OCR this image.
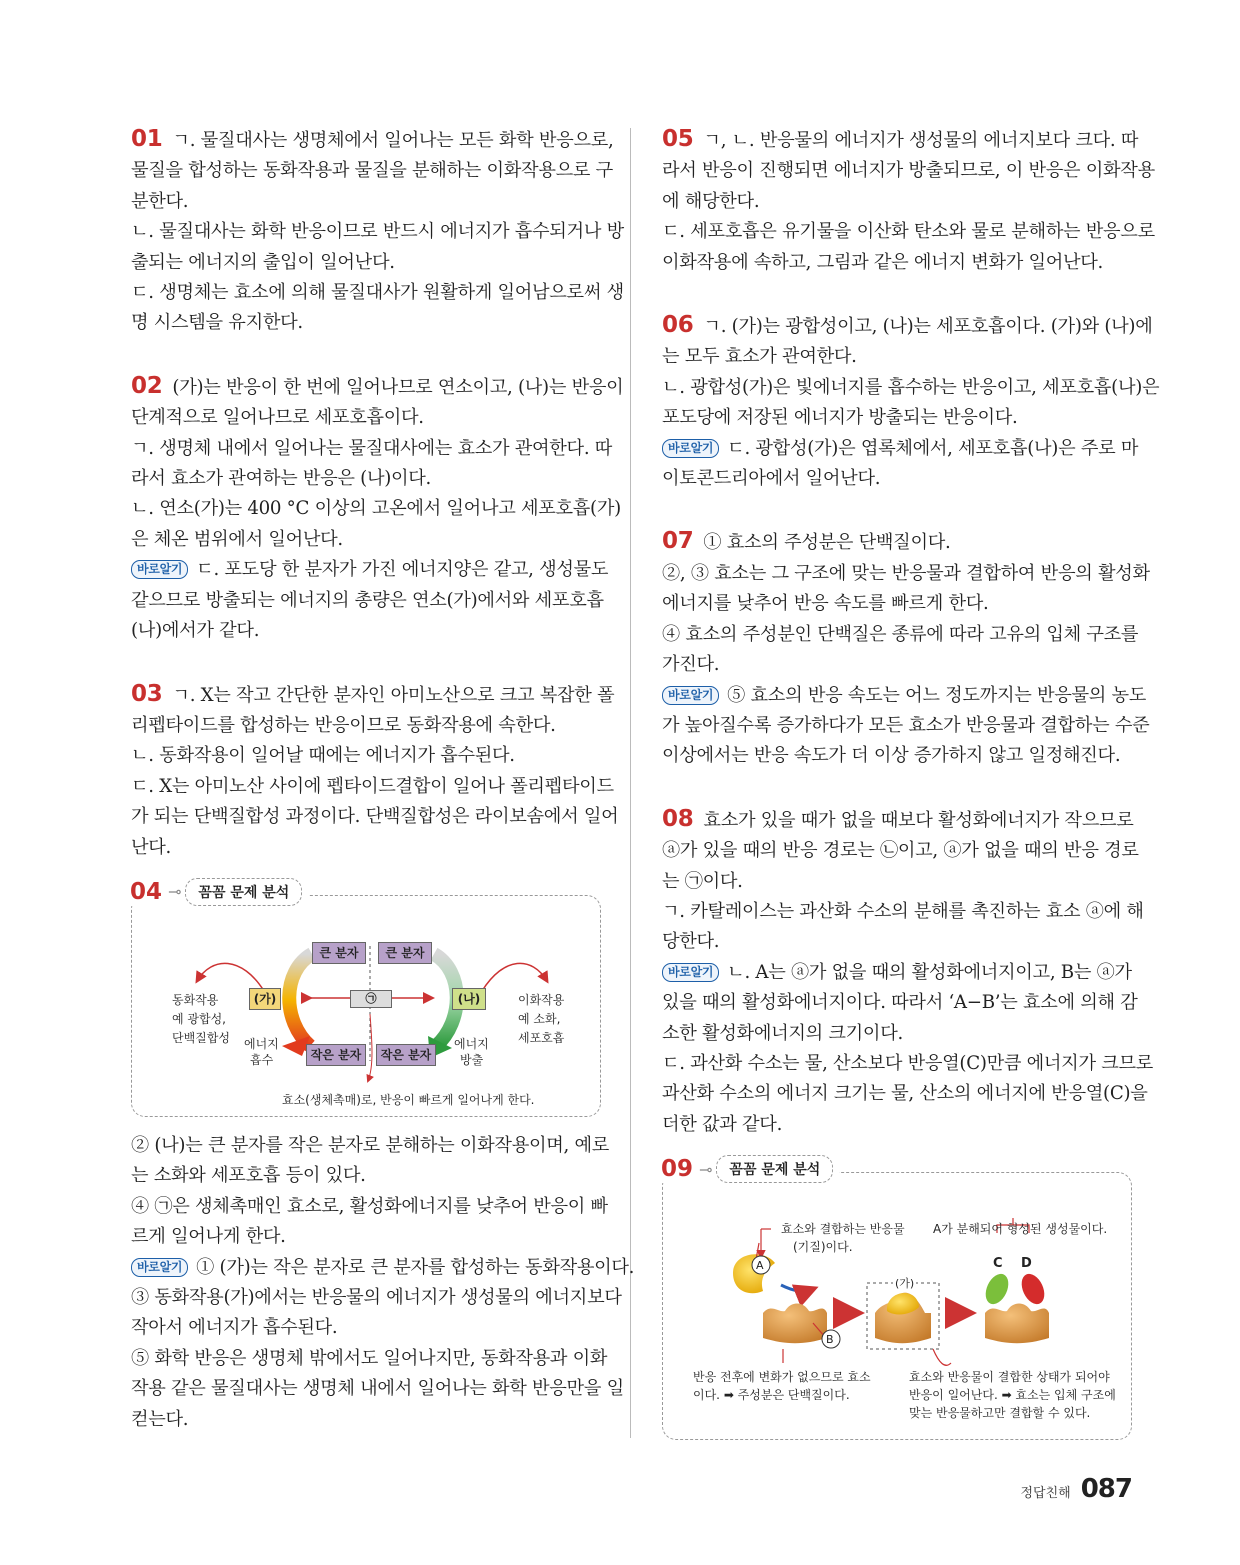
01 ㄱ. 물질대사는 생명체에서 일어나는 모든 화학 반응으로,
물질을 합성하는 동화작용과 물질을 분해하는 이화작용으로 구
분한다.
ㄴ. 물질대사는 화학 반응이므로 반드시 에너지가 흡수되거나 방
출되는 에너지의 출입이 일어난다.
ㄷ. 생명체는 효소에 의해 물질대사가 원활하게 일어남으로써 생
명 시스템을 유지한다.
02 (가)는 반응이 한 번에 일어나므로 연소이고, (나)는 반응이
단계적으로 일어나므로 세포호흡이다.
ㄱ. 생명체 내에서 일어나는 물질대사에는 효소가 관여한다. 따
라서 효소가 관여하는 반응은 (나)이다.
ㄴ. 연소(가)는 400 °C 이상의 고온에서 일어나고 세포호흡(가)
은 체온 범위에서 일어난다.
바로알기 ㄷ. 포도당 한 분자가 가진 에너지양은 같고, 생성물도
같으므로 방출되는 에너지의 총량은 연소(가)에서와 세포호흡
(나)에서가 같다.
03 ㄱ. X는 작고 간단한 분자인 아미노산으로 크고 복잡한 폴
리펩타이드를 합성하는 반응이므로 동화작용에 속한다.
ㄴ. 동화작용이 일어날 때에는 에너지가 흡수된다.
ㄷ. X는 아미노산 사이에 펩타이드결합이 일어나 폴리펩타이드
가 되는 단백질합성 과정이다. 단백질합성은 라이보솜에서 일어
난다.
04 ⊸	꼼꼼 문제 분석
큰 분자	큰 분자
작은 분자	작은 분자
(가)	(나)
㉠
동화작용
예 광합성,
단백질합성 에너지
흡수
이화작용
예 소화,
세포호흡
에너지
방출
효소(생체촉매)로, 반응이 빠르게 일어나게 한다.
② (나)는 큰 분자를 작은 분자로 분해하는 이화작용이며, 예로
는 소화와 세포호흡 등이 있다.
④ ㉠은 생체촉매인 효소로, 활성화에너지를 낮추어 반응이 빠
르게 일어나게 한다.
바로알기 ① (가)는 작은 분자로 큰 분자를 합성하는 동화작용이다.
③ 동화작용(가)에서는 반응물의 에너지가 생성물의 에너지보다
작아서 에너지가 흡수된다.
⑤ 화학 반응은 생명체 밖에서도 일어나지만, 동화작용과 이화
작용 같은 물질대사는 생명체 내에서 일어나는 화학 반응만을 일
컫는다.
05 ㄱ, ㄴ. 반응물의 에너지가 생성물의 에너지보다 크다. 따
라서 반응이 진행되면 에너지가 방출되므로, 이 반응은 이화작용
에 해당한다.
ㄷ. 세포호흡은 유기물을 이산화 탄소와 물로 분해하는 반응으로
이화작용에 속하고, 그림과 같은 에너지 변화가 일어난다.
06 ㄱ. (가)는 광합성이고, (나)는 세포호흡이다. (가)와 (나)에
는 모두 효소가 관여한다.
ㄴ. 광합성(가)은 빛에너지를 흡수하는 반응이고, 세포호흡(나)은
포도당에 저장된 에너지가 방출되는 반응이다.
바로알기 ㄷ. 광합성(가)은 엽록체에서, 세포호흡(나)은 주로 마
이토콘드리아에서 일어난다.
07 ① 효소의 주성분은 단백질이다.
②, ③ 효소는 그 구조에 맞는 반응물과 결합하여 반응의 활성화
에너지를 낮추어 반응 속도를 빠르게 한다.
④ 효소의 주성분인 단백질은 종류에 따라 고유의 입체 구조를
가진다.
바로알기 ⑤ 효소의 반응 속도는 어느 정도까지는 반응물의 농도
가 높아질수록 증가하다가 모든 효소가 반응물과 결합하는 수준
이상에서는 반응 속도가 더 이상 증가하지 않고 일정해진다.
08 효소가 있을 때가 없을 때보다 활성화에너지가 작으므로
ⓐ가 있을 때의 반응 경로는 ㉡이고, ⓐ가 없을 때의 반응 경로
는 ㉠이다.
ㄱ. 카탈레이스는 과산화 수소의 분해를 촉진하는 효소 ⓐ에 해
당한다.
바로알기 ㄴ. A는 ⓐ가 없을 때의 활성화에너지이고, B는 ⓐ가
있을 때의 활성화에너지이다. 따라서 ‘A−B’는 효소에 의해 감
소한 활성화에너지의 크기이다.
ㄷ. 과산화 수소는 물, 산소보다 반응열(C)만큼 에너지가 크므로
과산화 수소의 에너지 크기는 물, 산소의 에너지에 반응열(C)을
더한 값과 같다.
09 ⊸	꼼꼼 문제 분석
효소와 결합하는 반응물
(기질)이다.
A가 분해되어 형성된 생성물이다.
A
B
C D
(가)
반응 전후에 변화가 없으므로 효소
이다. ➡ 주성분은 단백질이다.
효소와 반응물이 결합한 상태가 되어야
반응이 일어난다. ➡ 효소는 입체 구조에
맞는 반응물하고만 결합할 수 있다.
정답친해 087
